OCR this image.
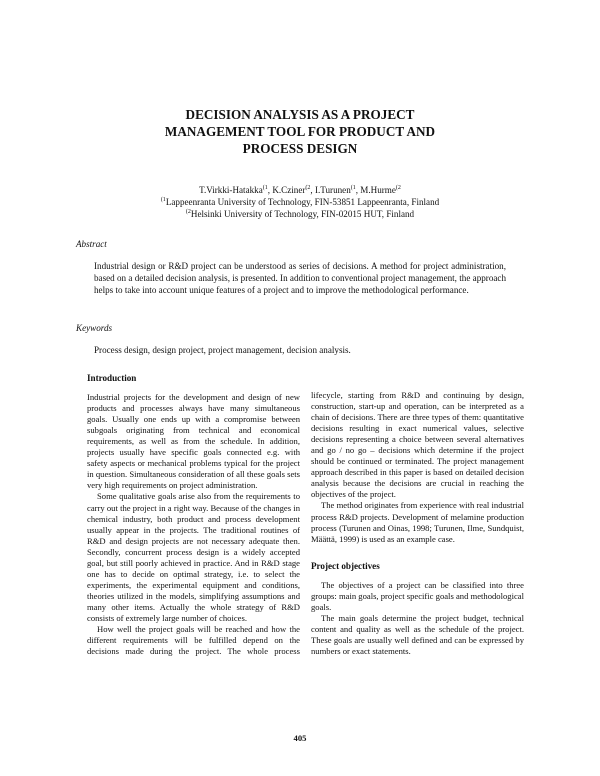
DECISION ANALYSIS AS A PROJECT
MANAGEMENT TOOL FOR PRODUCT AND
PROCESS DESIGN
T.Virkki-Hatakka$^{(1}$, K.Cziner$^{(2}$, I.Turunen$^{(1}$, M.Hurme$^{(2}$
$^{(1}$Lappeenranta University of Technology, FIN-53851 Lappeenranta, Finland
$^{(2}$Helsinki University of Technology, FIN-02015 HUT, Finland
Abstract
Industrial design or R&D project can be understood as series of decisions. A method for project administration, based on a detailed decision analysis, is presented. In addition to conventional project management, the approach helps to take into account unique features of a project and to improve the methodological performance.
Keywords
Process design, design project, project management, decision analysis.
Introduction

Industrial projects for the development and design of new products and processes always have many simultaneous goals. Usually one ends up with a compromise between subgoals originating from technical and economical requirements, as well as from the schedule. In addition, projects usually have specific goals connected e.g. with safety aspects or mechanical problems typical for the project in question. Simultaneous consideration of all these goals sets very high requirements on project administration.

Some qualitative goals arise also from the requirements to carry out the project in a right way. Because of the changes in chemical industry, both product and process development usually appear in the projects. The traditional routines of R&D and design projects are not necessary adequate then. Secondly, concurrent process design is a widely accepted goal, but still poorly achieved in practice. And in R&D stage one has to decide on optimal strategy, i.e. to select the experiments, the experimental equipment and conditions, theories utilized in the models, simplifying assumptions and many other items. Actually the whole strategy of R&D consists of extremely large number of choices.

How well the project goals will be reached and how the different requirements will be fulfilled depend on the decisions made during the project. The whole process

lifecycle, starting from R&D and continuing by design, construction, start-up and operation, can be interpreted as a chain of decisions. There are three types of them: quantitative decisions resulting in exact numerical values, selective decisions representing a choice between several alternatives and go / no go – decisions which determine if the project should be continued or terminated. The project management approach described in this paper is based on detailed decision analysis because the decisions are crucial in reaching the objectives of the project.

The method originates from experience with real industrial process R&D projects. Development of melamine production process (Turunen and Oinas, 1998; Turunen, Ilme, Sundquist, Määttä, 1999) is used as an example case.

Project objectives

The objectives of a project can be classified into three groups: main goals, project specific goals and methodological goals.

The main goals determine the project budget, technical content and quality as well as the schedule of the project. These goals are usually well defined and can be expressed by numbers or exact statements.

405
